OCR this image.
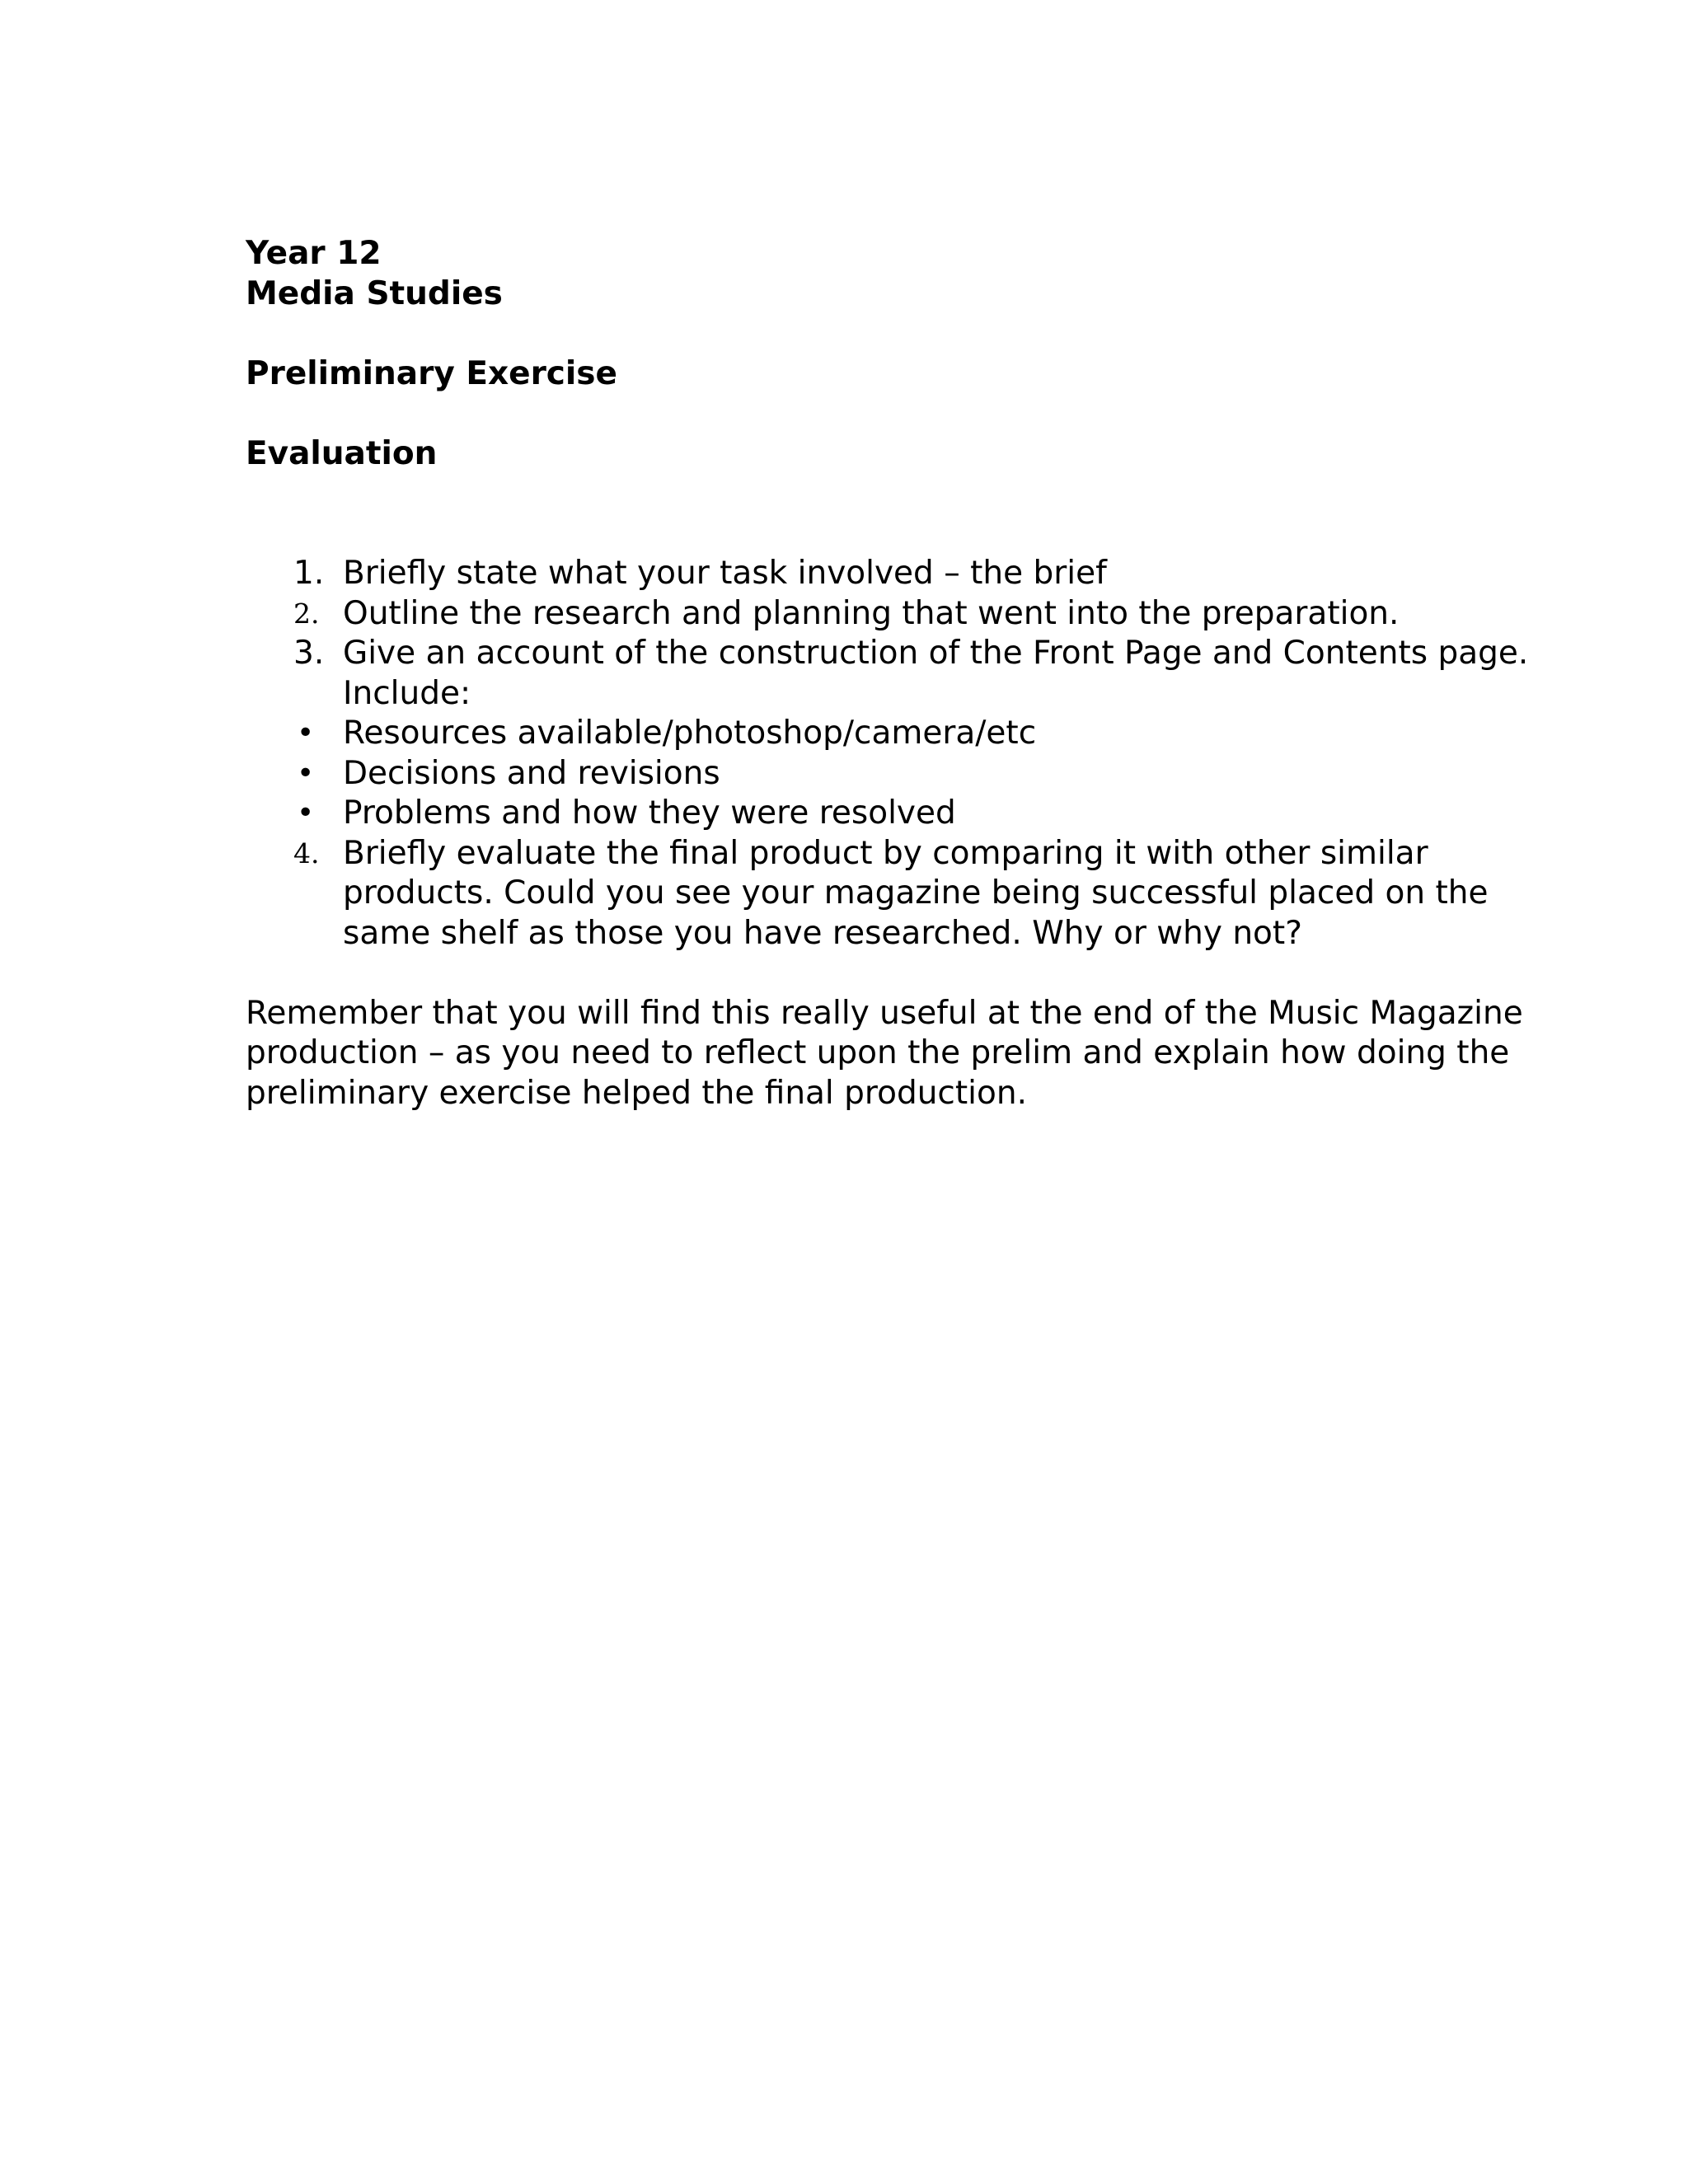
Year 12
Media Studies
Preliminary Exercise
Evaluation
1. Briefly state what your task involved – the brief
2. Outline the research and planning that went into the preparation.
3. Give an account of the construction of the Front Page and Contents page.
Include:
• Resources available/photoshop/camera/etc
• Decisions and revisions
• Problems and how they were resolved
4. Briefly evaluate the final product by comparing it with other similar
products. Could you see your magazine being successful placed on the
same shelf as those you have researched. Why or why not?
Remember that you will find this really useful at the end of the Music Magazine
production – as you need to reflect upon the prelim and explain how doing the
preliminary exercise helped the final production.
